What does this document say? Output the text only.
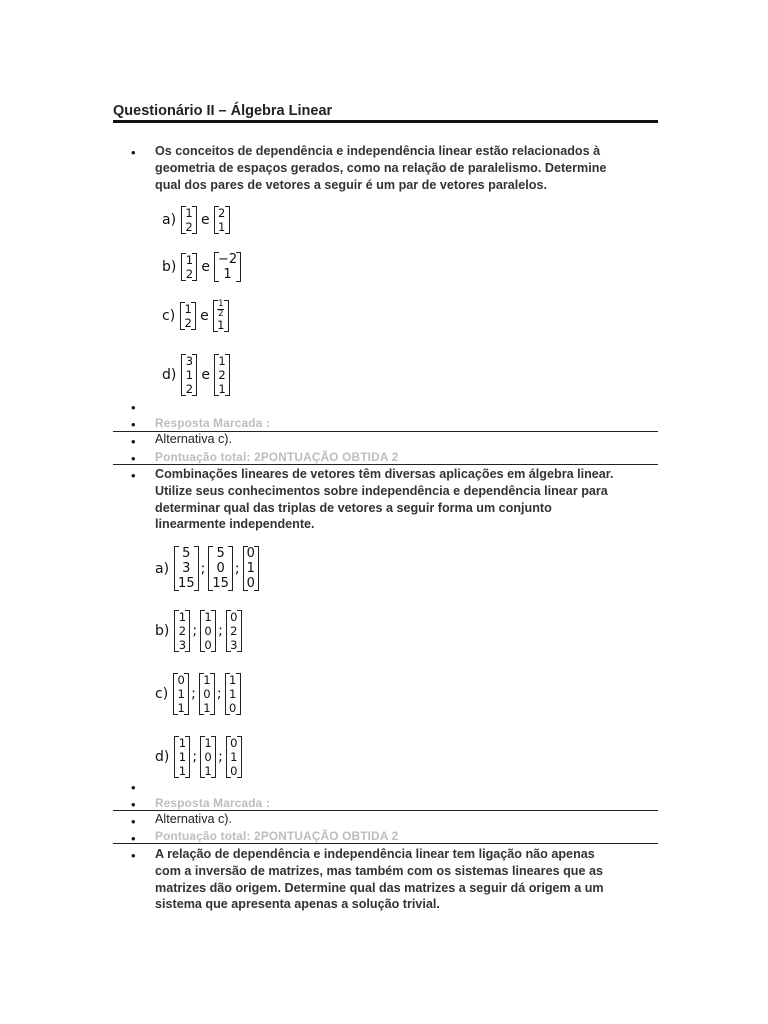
Questionário II – Álgebra Linear
• Os conceitos de dependência e independência linear estão relacionados à
geometria de espaços gerados, como na relação de paralelismo. Determine
qual dos pares de vetores a seguir é um par de vetores paralelos.
a) 1
2 e 2
1
b) 1
2 e −2
1
c) 1
2 e
1
2
1
d)
3
1
2
e
1
2
1
•
• Resposta Marcada :
• Alternativa c).
• Pontuação total: 2PONTUAÇÃO OBTIDA 2
• Combinações lineares de vetores têm diversas aplicações em álgebra linear.
Utilize seus conhecimentos sobre independência e dependência linear para
determinar qual das triplas de vetores a seguir forma um conjunto
linearmente independente.
a)
5
3
15
;
5
0
15
;
0
1
0
b)
1
2
3
;
1
0
0
;
0
2
3
c)
0
1
1
;
1
0
1
;
1
1
0
d)
1
1
1
;
1
0
1
;
0
1
0
•
• Resposta Marcada :
• Alternativa c).
• Pontuação total: 2PONTUAÇÃO OBTIDA 2
• A relação de dependência e independência linear tem ligação não apenas
com a inversão de matrizes, mas também com os sistemas lineares que as
matrizes dão origem. Determine qual das matrizes a seguir dá origem a um
sistema que apresenta apenas a solução trivial.
